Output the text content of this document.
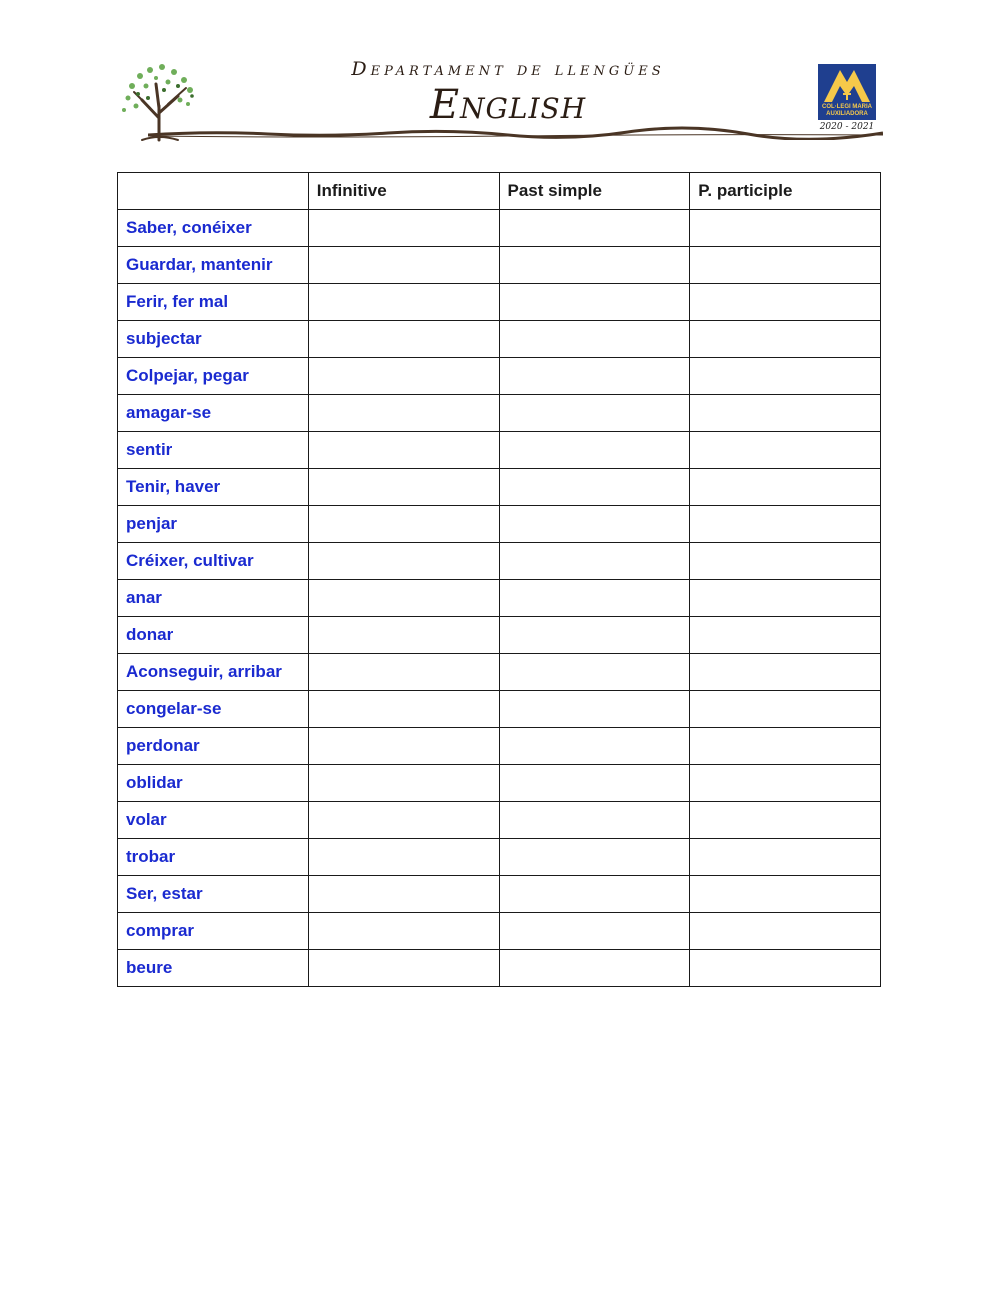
Departament de llengües
English	COL·LEGI MARIA
AUXILIADORA
2020 - 2021
	Infinitive	Past simple	P. participle
Saber, conéixer			
Guardar, mantenir			
Ferir, fer mal			
subjectar			
Colpejar, pegar			
amagar-se			
sentir			
Tenir, haver			
penjar			
Créixer, cultivar			
anar			
donar			
Aconseguir, arribar			
congelar-se			
perdonar			
oblidar			
volar			
trobar			
Ser, estar			
comprar			
beure			
